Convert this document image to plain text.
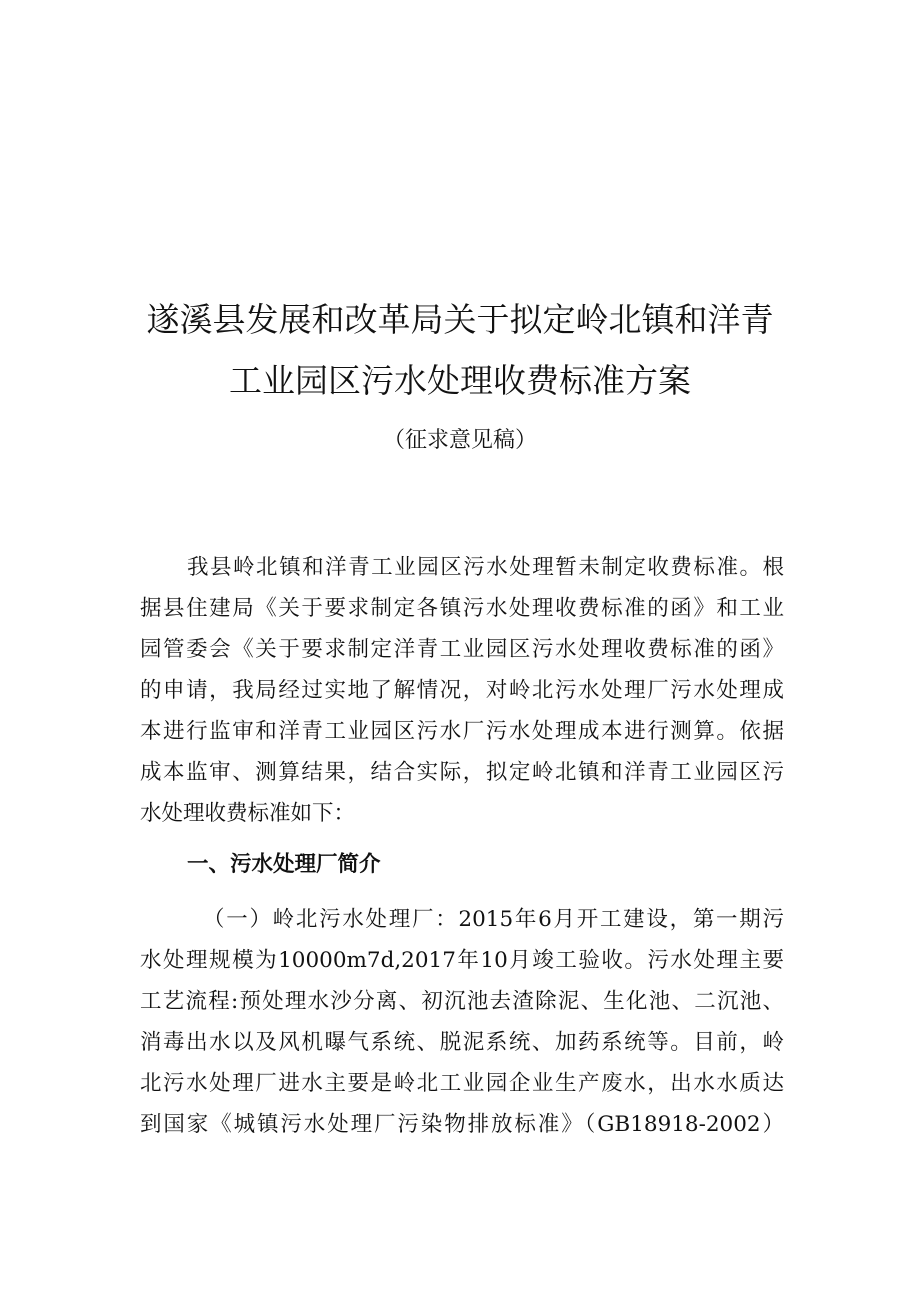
遂溪县发展和改革局关于拟定岭北镇和洋青
工业园区污水处理收费标准方案
（征求意见稿）
我县岭北镇和洋青工业园区污水处理暂未制定收费标准。根
据县住建局《关于要求制定各镇污水处理收费标准的函》和工业
园管委会《关于要求制定洋青工业园区污水处理收费标准的函》
的申请，我局经过实地了解情况，对岭北污水处理厂污水处理成
本进行监审和洋青工业园区污水厂污水处理成本进行测算。依据
成本监审、测算结果，结合实际，拟定岭北镇和洋青工业园区污
水处理收费标准如下：
一、污水处理厂简介
（一）岭北污水处理厂：2015年6月开工建设，第一期污
水处理规模为10000m7d,2017年10月竣工验收。污水处理主要
工艺流程:预处理水沙分离、初沉池去渣除泥、生化池、二沉池、
消毒出水以及风机曝气系统、脱泥系统、加药系统等。目前，岭
北污水处理厂进水主要是岭北工业园企业生产废水，出水水质达
到国家《城镇污水处理厂污染物排放标准》（GB18918-2002）
